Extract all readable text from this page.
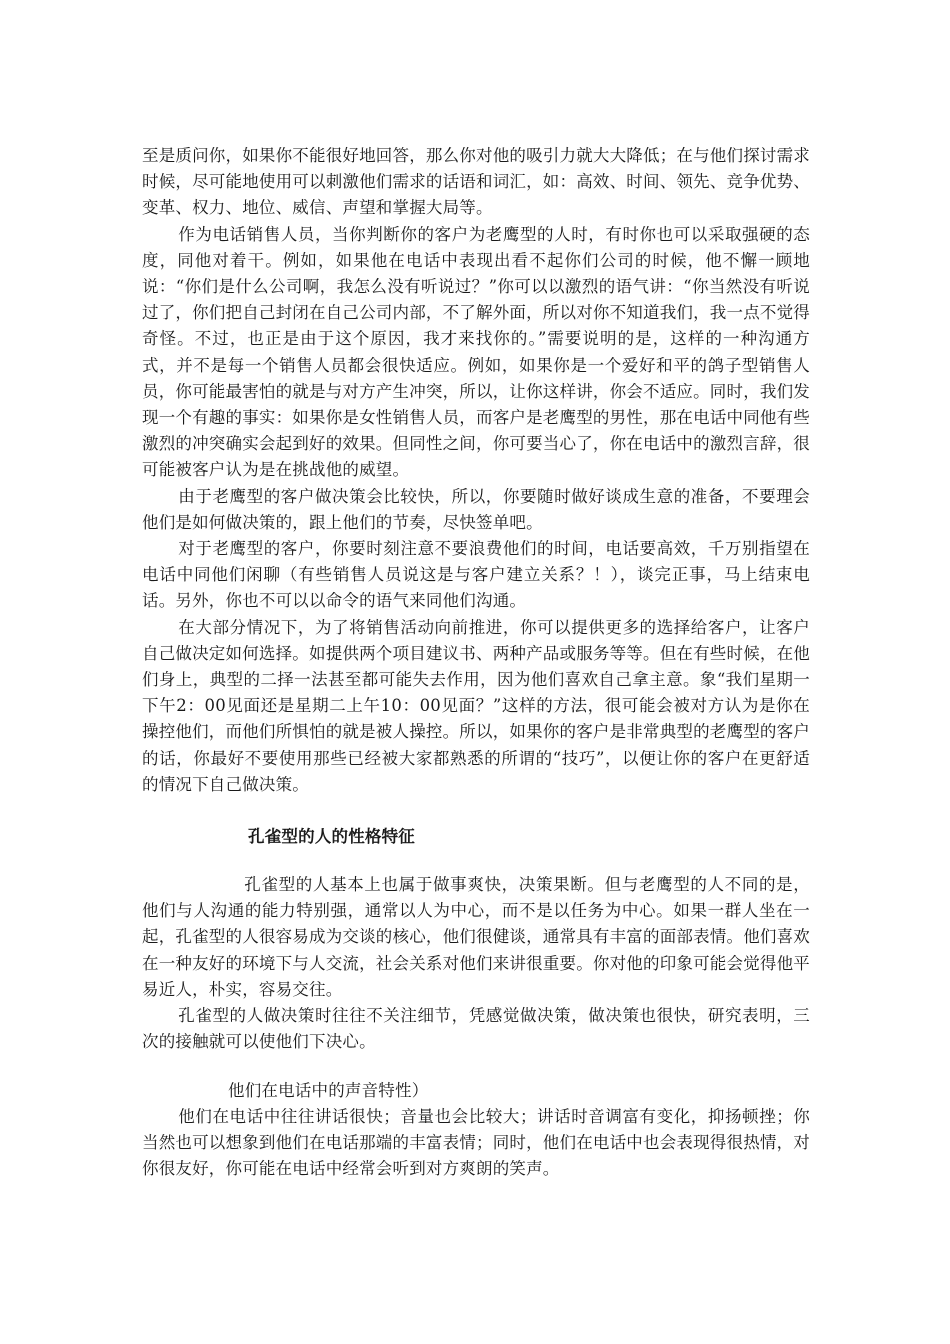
至是质问你，如果你不能很好地回答，那么你对他的吸引力就大大降低；在与他们探讨需求时候，尽可能地使用可以刺激他们需求的话语和词汇，如：高效、时间、领先、竞争优势、变革、权力、地位、威信、声望和掌握大局等。

作为电话销售人员，当你判断你的客户为老鹰型的人时，有时你也可以采取强硬的态度，同他对着干。例如，如果他在电话中表现出看不起你们公司的时候，他不懈一顾地说：“你们是什么公司啊，我怎么没有听说过？”你可以以激烈的语气讲：“你当然没有听说过了，你们把自己封闭在自己公司内部，不了解外面，所以对你不知道我们，我一点不觉得奇怪。不过，也正是由于这个原因，我才来找你的。”需要说明的是，这样的一种沟通方式，并不是每一个销售人员都会很快适应。例如，如果你是一个爱好和平的鸽子型销售人员，你可能最害怕的就是与对方产生冲突，所以，让你这样讲，你会不适应。同时，我们发现一个有趣的事实：如果你是女性销售人员，而客户是老鹰型的男性，那在电话中同他有些激烈的冲突确实会起到好的效果。但同性之间，你可要当心了，你在电话中的激烈言辞，很可能被客户认为是在挑战他的威望。

由于老鹰型的客户做决策会比较快，所以，你要随时做好谈成生意的准备，不要理会他们是如何做决策的，跟上他们的节奏，尽快签单吧。

对于老鹰型的客户，你要时刻注意不要浪费他们的时间，电话要高效，千万别指望在电话中同他们闲聊（有些销售人员说这是与客户建立关系？！），谈完正事，马上结束电话。另外，你也不可以以命令的语气来同他们沟通。

在大部分情况下，为了将销售活动向前推进，你可以提供更多的选择给客户，让客户自己做决定如何选择。如提供两个项目建议书、两种产品或服务等等。但在有些时候，在他们身上，典型的二择一法甚至都可能失去作用，因为他们喜欢自己拿主意。象“我们星期一下午2：00见面还是星期二上午10：00见面？”这样的方法，很可能会被对方认为是你在操控他们，而他们所惧怕的就是被人操控。所以，如果你的客户是非常典型的老鹰型的客户的话，你最好不要使用那些已经被大家都熟悉的所谓的“技巧”，以便让你的客户在更舒适的情况下自己做决策。

孔雀型的人的性格特征

孔雀型的人基本上也属于做事爽快，决策果断。但与老鹰型的人不同的是，他们与人沟通的能力特别强，通常以人为中心，而不是以任务为中心。如果一群人坐在一起，孔雀型的人很容易成为交谈的核心，他们很健谈，通常具有丰富的面部表情。他们喜欢在一种友好的环境下与人交流，社会关系对他们来讲很重要。你对他的印象可能会觉得他平易近人，朴实，容易交往。

孔雀型的人做决策时往往不关注细节，凭感觉做决策，做决策也很快，研究表明，三次的接触就可以使他们下决心。

他们在电话中的声音特性）

他们在电话中往往讲话很快；音量也会比较大；讲话时音调富有变化，抑扬顿挫；你当然也可以想象到他们在电话那端的丰富表情；同时，他们在电话中也会表现得很热情，对你很友好，你可能在电话中经常会听到对方爽朗的笑声。
